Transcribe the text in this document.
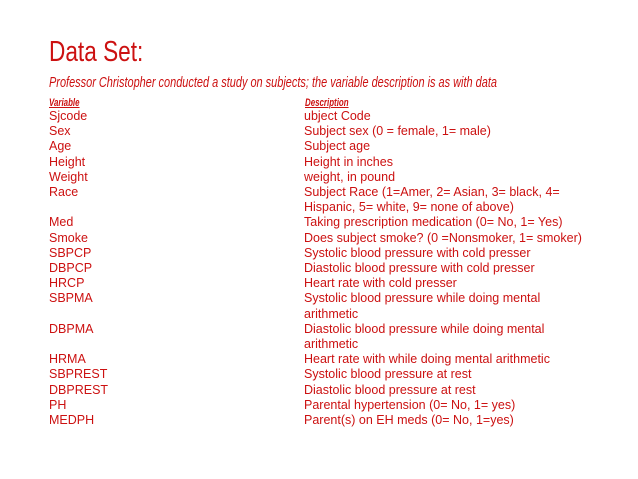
Data Set:

Professor Christopher conducted a study on subjects; the variable description is as with data

Variable	Description

Sjcode	ubject Code
Sex	Subject sex (0 = female, 1= male)
Age	Subject age
Height	Height in inches
Weight	weight, in pound
Race	Subject Race (1=Amer, 2= Asian, 3= black, 4=
Hispanic, 5= white, 9= none of above)
Med	Taking prescription medication (0= No, 1= Yes)
Smoke	Does subject smoke? (0 =Nonsmoker, 1= smoker)
SBPCP	Systolic blood pressure with cold presser
DBPCP	Diastolic blood pressure with cold presser
HRCP	Heart rate with cold presser
SBPMA	Systolic blood pressure while doing mental
arithmetic
DBPMA	Diastolic blood pressure while doing mental
arithmetic
HRMA	Heart rate with while doing mental arithmetic
SBPREST	Systolic blood pressure at rest
DBPREST	Diastolic blood pressure at rest
PH	Parental hypertension (0= No, 1= yes)
MEDPH	Parent(s) on EH meds (0= No, 1=yes)
